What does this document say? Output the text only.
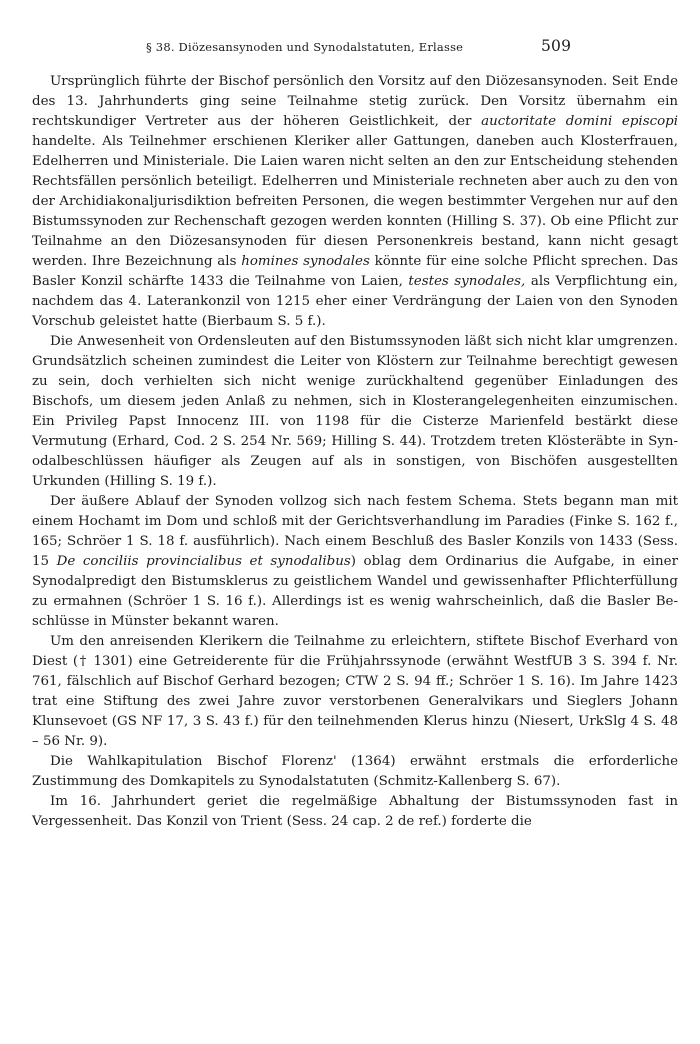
§ 38. Diözesansynoden und Synodalstatuten, Erlasse	509

Ursprünglich führte der Bischof persönlich den Vorsitz auf den Diözesansynoden. Seit Ende des 13. Jahrhunderts ging seine Teilnahme stetig zurück. Den Vorsitz übernahm ein rechtskundiger Vertreter aus der höheren Geistlichkeit, der auctoritate domini episcopi handelte. Als Teilnehmer erschienen Kleriker aller Gattungen, daneben auch Klosterfrauen, Edelherren und Ministeriale. Die Laien waren nicht selten an den zur Entscheidung stehenden Rechtsfällen persönlich beteiligt. Edelherren und Ministeriale rechneten aber auch zu den von der Archidiakonaljurisdiktion befreiten Personen, die wegen bestimmter Vergehen nur auf den Bistumssynoden zur Rechenschaft gezogen werden konnten (Hilling S. 37). Ob eine Pflicht zur Teilnahme an den Diözesansynoden für diesen Personenkreis bestand, kann nicht gesagt werden. Ihre Bezeichnung als homines synodales könnte für eine solche Pflicht sprechen. Das Basler Konzil schärfte 1433 die Teilnahme von Laien, testes synodales, als Verpflichtung ein, nachdem das 4. Laterankonzil von 1215 eher einer Verdrängung der Laien von den Synoden Vorschub geleistet hatte (Bierbaum S. 5 f.).

Die Anwesenheit von Ordensleuten auf den Bistumssynoden läßt sich nicht klar umgrenzen. Grundsätzlich scheinen zumindest die Leiter von Klöstern zur Teilnahme berechtigt gewesen zu sein, doch verhielten sich nicht wenige zurückhaltend gegenüber Einladungen des Bischofs, um diesem jeden Anlaß zu nehmen, sich in Klosterangelegenheiten einzumischen. Ein Privileg Papst Innocenz III. von 1198 für die Cisterze Marienfeld bestärkt diese Vermutung (Erhard, Cod. 2 S. 254 Nr. 569; Hilling S. 44). Trotzdem treten Klösteräbte in Synodalbeschlüssen häufiger als Zeugen auf als in sonstigen, von Bischöfen ausgestellten Urkunden (Hilling S. 19 f.).

Der äußere Ablauf der Synoden vollzog sich nach festem Schema. Stets begann man mit einem Hochamt im Dom und schloß mit der Gerichtsverhandlung im Paradies (Finke S. 162 f., 165; Schröer 1 S. 18 f. ausführlich). Nach einem Beschluß des Basler Konzils von 1433 (Sess. 15 De conciliis provincialibus et synodalibus) oblag dem Ordinarius die Aufgabe, in einer Synodalpredigt den Bistumsklerus zu geistlichem Wandel und gewissenhafter Pflichterfüllung zu ermahnen (Schröer 1 S. 16 f.). Allerdings ist es wenig wahrscheinlich, daß die Basler Beschlüsse in Münster bekannt waren.

Um den anreisenden Klerikern die Teilnahme zu erleichtern, stiftete Bischof Everhard von Diest († 1301) eine Getreiderente für die Frühjahrssynode (erwähnt WestfUB 3 S. 394 f. Nr. 761, fälschlich auf Bischof Gerhard bezogen; CTW 2 S. 94 ff.; Schröer 1 S. 16). Im Jahre 1423 trat eine Stiftung des zwei Jahre zuvor verstorbenen Generalvikars und Sieglers Johann Klunsevoet (GS NF 17, 3 S. 43 f.) für den teilnehmenden Klerus hinzu (Niesert, UrkSlg 4 S. 48 – 56 Nr. 9).

Die Wahlkapitulation Bischof Florenz' (1364) erwähnt erstmals die erforderliche Zustimmung des Domkapitels zu Synodalstatuten (Schmitz-Kallenberg S. 67).

Im 16. Jahrhundert geriet die regelmäßige Abhaltung der Bistumssynoden fast in Vergessenheit. Das Konzil von Trient (Sess. 24 cap. 2 de ref.) forderte die
